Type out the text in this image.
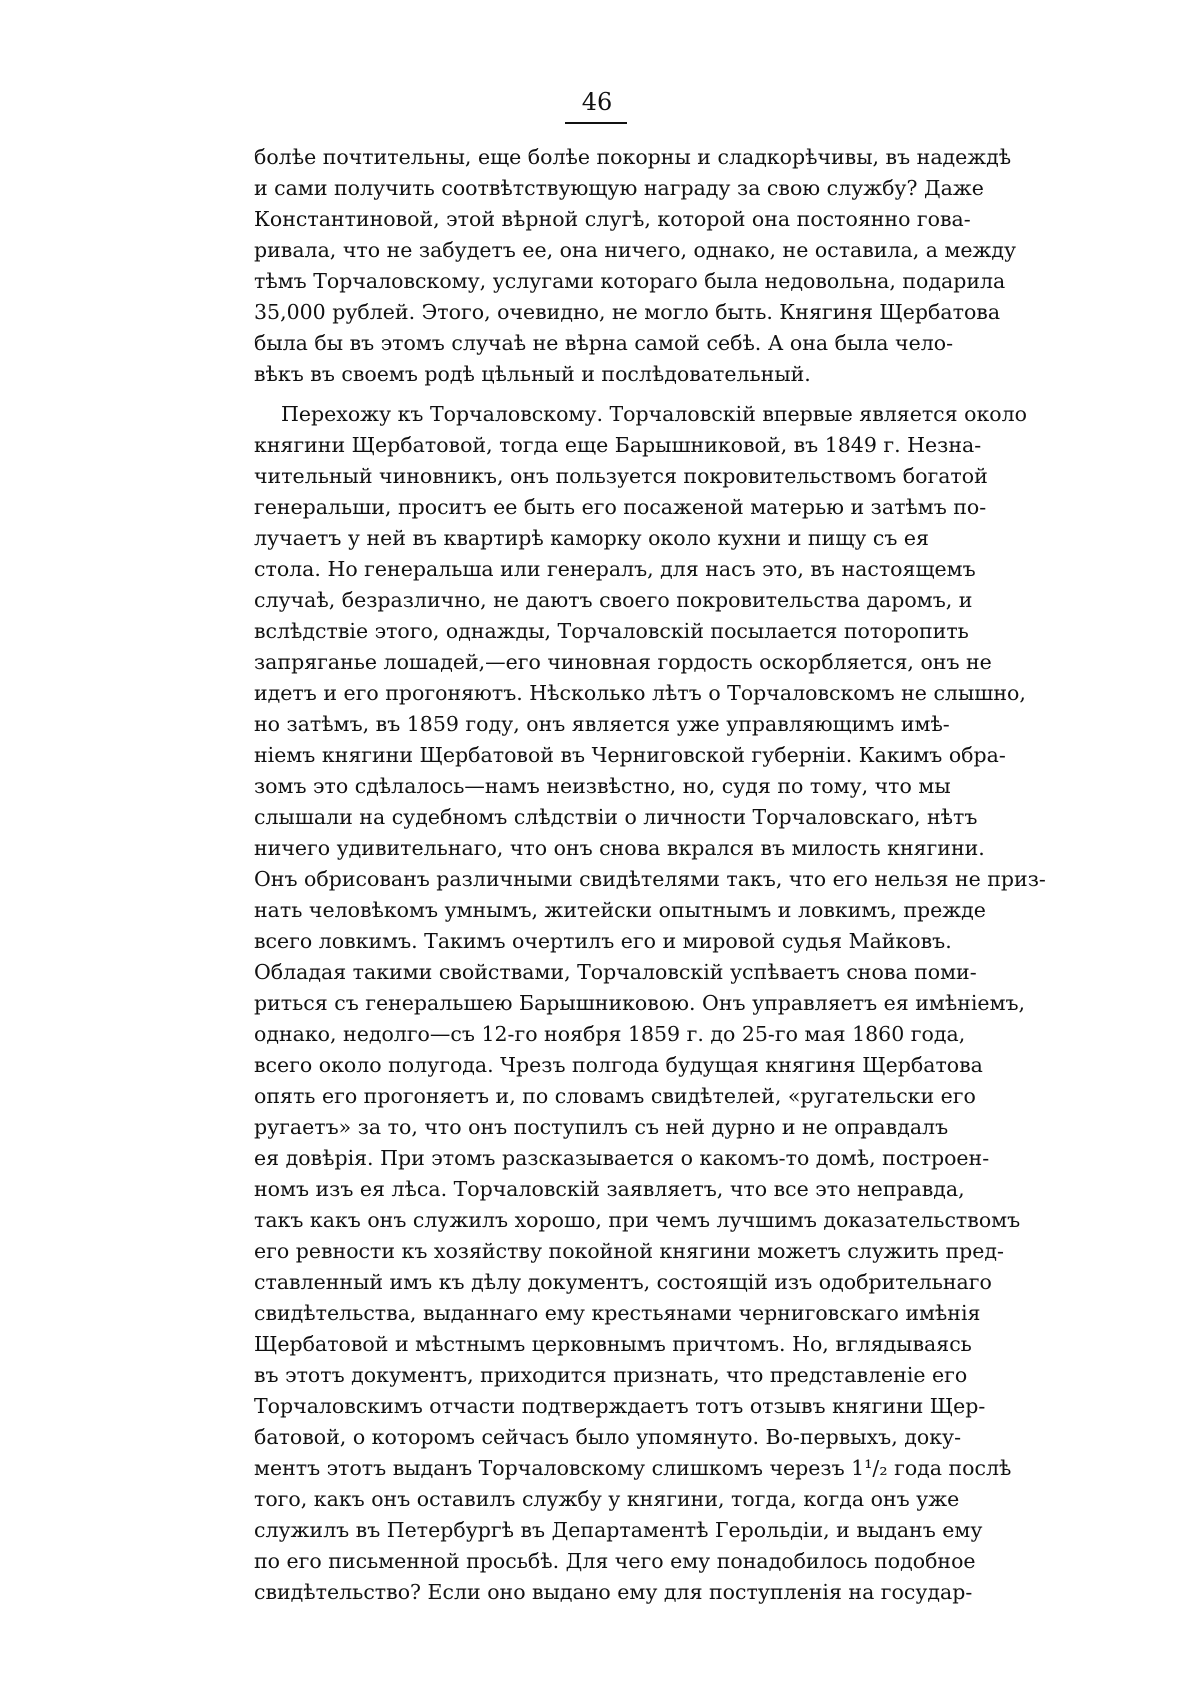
46
болѣе почтительны, еще болѣе покорны и сладкорѣчивы, въ надеждѣ
и сами получить соотвѣтствующую награду за свою службу? Даже
Константиновой, этой вѣрной слугѣ, которой она постоянно гова-
ривала, что не забудетъ ее, она ничего, однако, не оставила, а между
тѣмъ Торчаловскому, услугами котораго была недовольна, подарила
35,000 рублей. Этого, очевидно, не могло быть. Княгиня Щербатова
была бы въ этомъ случаѣ не вѣрна самой себѣ. А она была чело-
вѣкъ въ своемъ родѣ цѣльный и послѣдовательный.
Перехожу къ Торчаловскому. Торчаловскій впервые является около
княгини Щербатовой, тогда еще Барышниковой, въ 1849 г. Незна-
чительный чиновникъ, онъ пользуется покровительствомъ богатой
генеральши, проситъ ее быть его посаженой матерью и затѣмъ по-
лучаетъ у ней въ квартирѣ каморку около кухни и пищу съ ея
стола. Но генеральша или генералъ, для насъ это, въ настоящемъ
случаѣ, безразлично, не даютъ своего покровительства даромъ, и
вслѣдствіе этого, однажды, Торчаловскій посылается поторопить
запряганье лошадей,—его чиновная гордость оскорбляется, онъ не
идетъ и его прогоняютъ. Нѣсколько лѣтъ о Торчаловскомъ не слышно,
но затѣмъ, въ 1859 году, онъ является уже управляющимъ имѣ-
ніемъ княгини Щербатовой въ Черниговской губерніи. Какимъ обра-
зомъ это сдѣлалось—намъ неизвѣстно, но, судя по тому, что мы
слышали на судебномъ слѣдствіи о личности Торчаловскаго, нѣтъ
ничего удивительнаго, что онъ снова вкрался въ милость княгини.
Онъ обрисованъ различными свидѣтелями такъ, что его нельзя не приз-
нать человѣкомъ умнымъ, житейски опытнымъ и ловкимъ, прежде
всего ловкимъ. Такимъ очертилъ его и мировой судья Майковъ.
Обладая такими свойствами, Торчаловскій успѣваетъ снова поми-
риться съ генеральшею Барышниковою. Онъ управляетъ ея имѣніемъ,
однако, недолго—съ 12-го ноября 1859 г. до 25-го мая 1860 года,
всего около полугода. Чрезъ полгода будущая княгиня Щербатова
опять его прогоняетъ и, по словамъ свидѣтелей, «ругательски его
ругаетъ» за то, что онъ поступилъ съ ней дурно и не оправдалъ
ея довѣрія. При этомъ разсказывается о какомъ-то домѣ, построен-
номъ изъ ея лѣса. Торчаловскій заявляетъ, что все это неправда,
такъ какъ онъ служилъ хорошо, при чемъ лучшимъ доказательствомъ
его ревности къ хозяйству покойной княгини можетъ служить пред-
ставленный имъ къ дѣлу документъ, состоящій изъ одобрительнаго
свидѣтельства, выданнаго ему крестьянами черниговскаго имѣнія
Щербатовой и мѣстнымъ церковнымъ причтомъ. Но, вглядываясь
въ этотъ документъ, приходится признать, что представленіе его
Торчаловскимъ отчасти подтверждаетъ тотъ отзывъ княгини Щер-
батовой, о которомъ сейчасъ было упомянуто. Во-первыхъ, доку-
ментъ этотъ выданъ Торчаловскому слишкомъ черезъ 1¹/₂ года послѣ
того, какъ онъ оставилъ службу у княгини, тогда, когда онъ уже
служилъ въ Петербургѣ въ Департаментѣ Герольдіи, и выданъ ему
по его письменной просьбѣ. Для чего ему понадобилось подобное
свидѣтельство? Если оно выдано ему для поступленія на государ-
